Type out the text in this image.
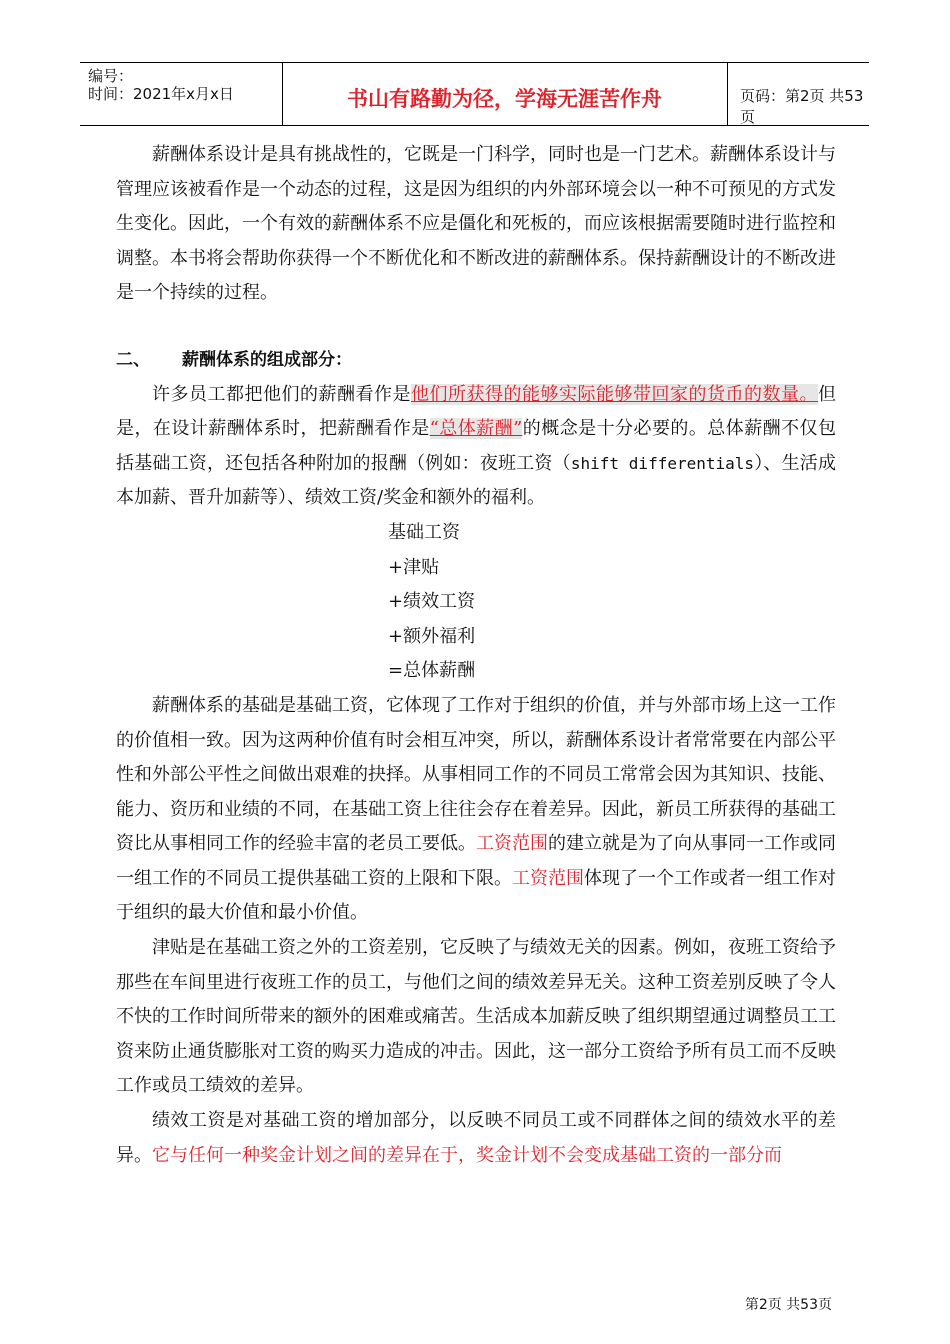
编号：
时间：2021年x月x日	书山有路勤为径，学海无涯苦作舟	页码：第2页 共53页

薪酬体系设计是具有挑战性的，它既是一门科学，同时也是一门艺术。薪酬体系设计与管理应该被看作是一个动态的过程，这是因为组织的内外部环境会以一种不可预见的方式发生变化。因此，一个有效的薪酬体系不应是僵化和死板的，而应该根据需要随时进行监控和调整。本书将会帮助你获得一个不断优化和不断改进的薪酬体系。保持薪酬设计的不断改进是一个持续的过程。

二、 薪酬体系的组成部分：

许多员工都把他们的薪酬看作是他们所获得的能够实际能够带回家的货币的数量。但是，在设计薪酬体系时，把薪酬看作是“总体薪酬”的概念是十分必要的。总体薪酬不仅包括基础工资，还包括各种附加的报酬（例如：夜班工资（shift differentials）、生活成本加薪、晋升加薪等）、绩效工资/奖金和额外的福利。

基础工资
+津贴
+绩效工资
+额外福利
=总体薪酬

薪酬体系的基础是基础工资，它体现了工作对于组织的价值，并与外部市场上这一工作的价值相一致。因为这两种价值有时会相互冲突，所以，薪酬体系设计者常常要在内部公平性和外部公平性之间做出艰难的抉择。从事相同工作的不同员工常常会因为其知识、技能、能力、资历和业绩的不同，在基础工资上往往会存在着差异。因此，新员工所获得的基础工资比从事相同工作的经验丰富的老员工要低。工资范围的建立就是为了向从事同一工作或同一组工作的不同员工提供基础工资的上限和下限。工资范围体现了一个工作或者一组工作对于组织的最大价值和最小价值。

津贴是在基础工资之外的工资差别，它反映了与绩效无关的因素。例如，夜班工资给予那些在车间里进行夜班工作的员工，与他们之间的绩效差异无关。这种工资差别反映了令人不快的工作时间所带来的额外的困难或痛苦。生活成本加薪反映了组织期望通过调整员工工资来防止通货膨胀对工资的购买力造成的冲击。因此，这一部分工资给予所有员工而不反映工作或员工绩效的差异。

绩效工资是对基础工资的增加部分，以反映不同员工或不同群体之间的绩效水平的差异。它与任何一种奖金计划之间的差异在于，奖金计划不会变成基础工资的一部分而

第2页 共53页
